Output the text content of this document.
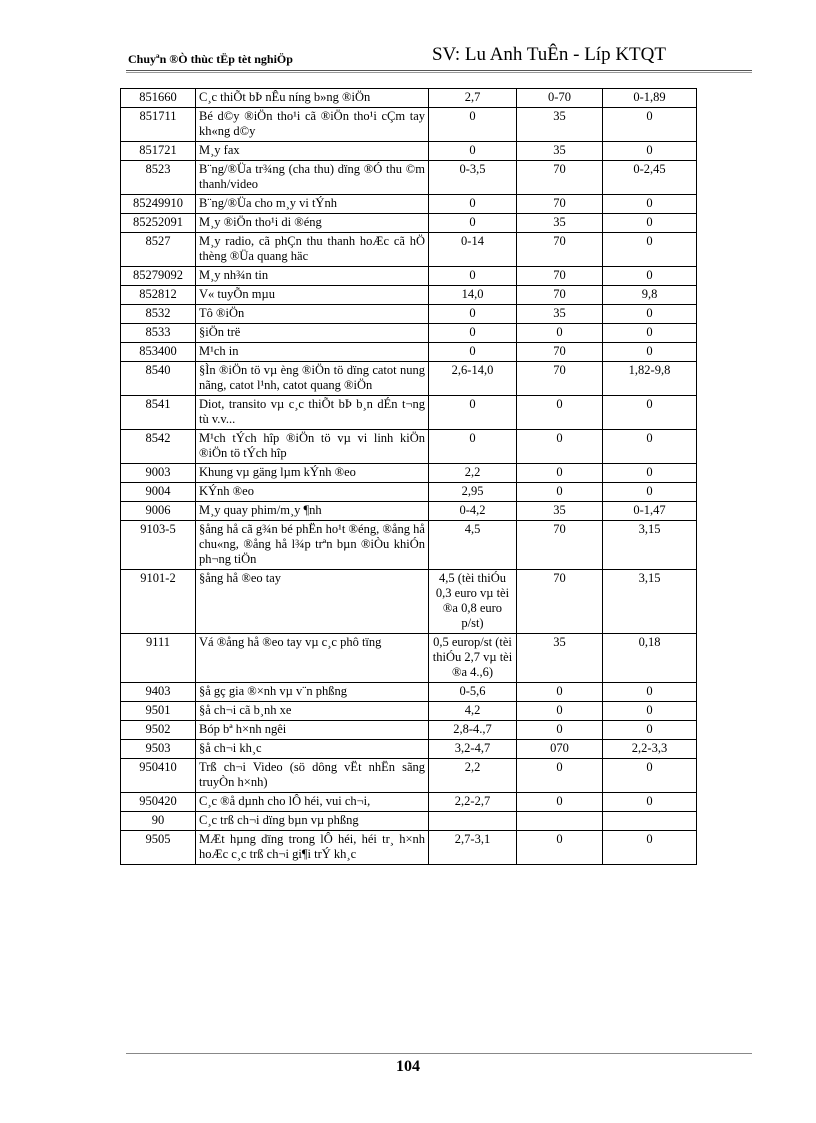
Chuyªn ®Ò thùc tËp tèt nghiÖp	SV: Lu Anh TuÊn - Líp KTQT
851660	C¸c thiÕt bÞ nÊu níng b»ng ®iÖn	2,7	0-70	0-1,89
851711	Bé d©y ®iÖn tho¹i cã ®iÖn tho¹i cÇm tay kh«ng d©y	0	35	0
851721	M¸y fax	0	35	0
8523	B¨ng/®Üa tr¾ng (cha thu) dïng ®Ó thu ©m thanh/video	0-3,5	70	0-2,45
85249910	B¨ng/®Üa cho m¸y vi tÝnh	0	70	0
85252091	M¸y ®iÖn tho¹i di ®éng	0	35	0
8527	M¸y radio, cã phÇn thu thanh hoÆc cã hÖ thèng ®Üa quang häc	0-14	70	0
85279092	M¸y nh¾n tin	0	70	0
852812	V« tuyÕn mµu	14,0	70	9,8
8532	Tô ®iÖn	0	35	0
8533	§iÖn trë	0	0	0
853400	M¹ch in	0	70	0
8540	§Ìn ®iÖn tö vµ èng ®iÖn tö dïng catot nung nãng, catot l¹nh, catot quang ®iÖn	2,6-14,0	70	1,82-9,8
8541	Diot, transito vµ c¸c thiÕt bÞ b¸n dÉn t¬ng tù v.v...	0	0	0
8542	M¹ch tÝch hîp ®iÖn tö vµ vi linh kiÖn ®iÖn tö tÝch hîp	0	0	0
9003	Khung vµ gäng lµm kÝnh ®eo	2,2	0	0
9004	KÝnh ®eo	2,95	0	0
9006	M¸y quay phim/m¸y ¶nh	0-4,2	35	0-1,47
9103-5	§ång hå cã g¾n bé phËn ho¹t ®éng, ®ång hå chu«ng, ®ång hå l¾p trªn bµn ®iÒu khiÓn ph¬ng tiÖn	4,5	70	3,15
9101-2	§ång hå ®eo tay	4,5 (tèi thiÓu 0,3 euro vµ tèi ®a 0,8 euro p/st)	70	3,15
9111	Vá ®ång hå ®eo tay vµ c¸c phô tïng	0,5 europ/st (tèi thiÓu 2,7 vµ tèi ®a 4.,6)	35	0,18
9403	§å gç gia ®×nh vµ v¨n phßng	0-5,6	0	0
9501	§å ch¬i cã b¸nh xe	4,2	0	0
9502	Bóp bª h×nh ngêi	2,8-4.,7	0	0
9503	§å ch¬i kh¸c	3,2-4,7	070	2,2-3,3
950410	Trß ch¬i Video (sö dông vËt nhËn sãng truyÒn h×nh)	2,2	0	0
950420	C¸c ®å dµnh cho lÔ héi, vui ch¬i,	2,2-2,7	0	0
90	C¸c trß ch¬i dïng bµn vµ phßng			
9505	MÆt hµng dïng trong lÔ héi, héi tr¸ h×nh hoÆc c¸c trß ch¬i gi¶i trÝ kh¸c	2,7-3,1	0	0
104
